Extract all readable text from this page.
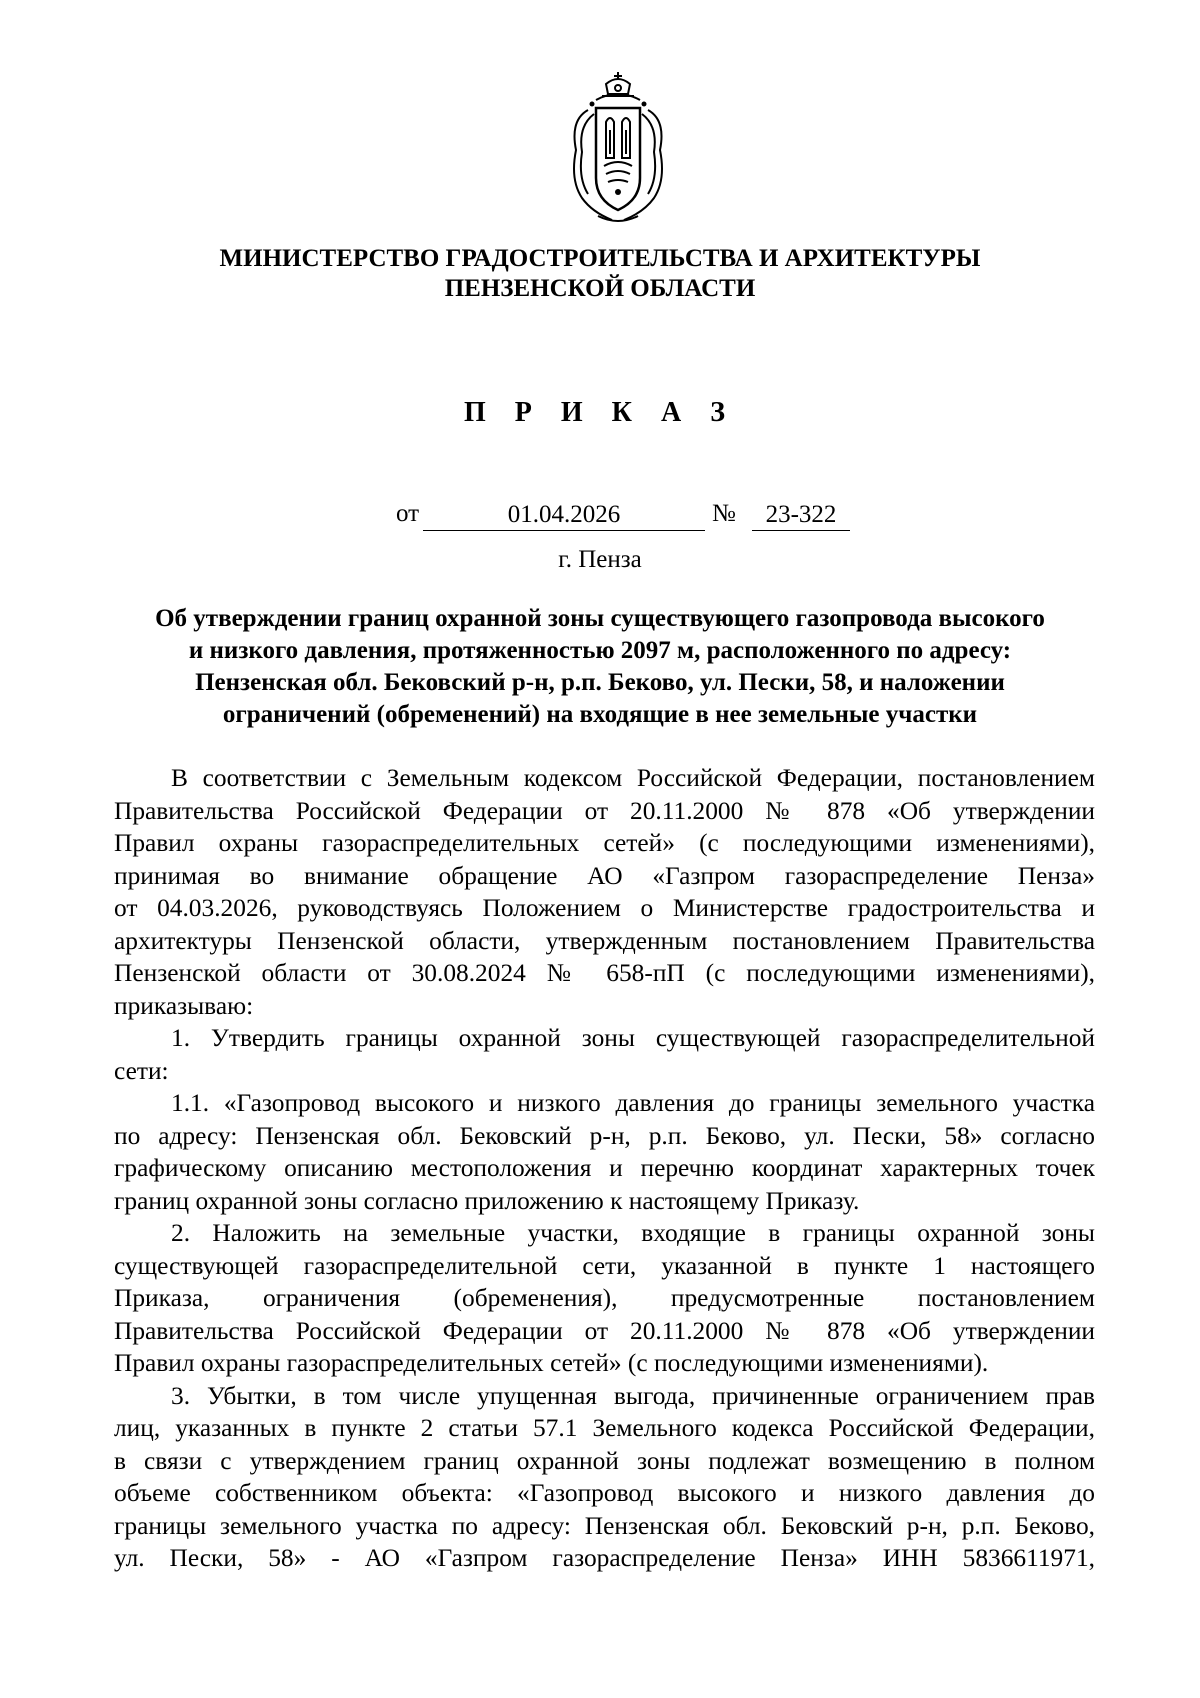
МИНИСТЕРСТВО ГРАДОСТРОИТЕЛЬСТВА И АРХИТЕКТУРЫ
ПЕНЗЕНСКОЙ ОБЛАСТИ
П Р И К А З
от	01.04.2026	№	23-322
г. Пенза
Об утверждении границ охранной зоны существующего газопровода высокого
и низкого давления, протяженностью 2097 м, расположенного по адресу:
Пензенская обл. Бековский р-н, р.п. Беково, ул. Пески, 58, и наложении
ограничений (обременений) на входящие в нее земельные участки
В соответствии с Земельным кодексом Российской Федерации, постановлением
Правительства Российской Федерации от 20.11.2000 № 878 «Об утверждении
Правил охраны газораспределительных сетей» (с последующими изменениями),
принимая во внимание обращение АО «Газпром газораспределение Пенза»
от 04.03.2026, руководствуясь Положением о Министерстве градостроительства и
архитектуры Пензенской области, утвержденным постановлением Правительства
Пензенской области от 30.08.2024 № 658-пП (с последующими изменениями),
приказываю:
1. Утвердить границы охранной зоны существующей газораспределительной
сети:
1.1. «Газопровод высокого и низкого давления до границы земельного участка
по адресу: Пензенская обл. Бековский р-н, р.п. Беково, ул. Пески, 58» согласно
графическому описанию местоположения и перечню координат характерных точек
границ охранной зоны согласно приложению к настоящему Приказу.
2. Наложить на земельные участки, входящие в границы охранной зоны
существующей газораспределительной сети, указанной в пункте 1 настоящего
Приказа, ограничения (обременения), предусмотренные постановлением
Правительства Российской Федерации от 20.11.2000 № 878 «Об утверждении
Правил охраны газораспределительных сетей» (с последующими изменениями).
3. Убытки, в том числе упущенная выгода, причиненные ограничением прав
лиц, указанных в пункте 2 статьи 57.1 Земельного кодекса Российской Федерации,
в связи с утверждением границ охранной зоны подлежат возмещению в полном
объеме собственником объекта: «Газопровод высокого и низкого давления до
границы земельного участка по адресу: Пензенская обл. Бековский р-н, р.п. Беково,
ул. Пески, 58» - АО «Газпром газораспределение Пенза» ИНН 5836611971,
